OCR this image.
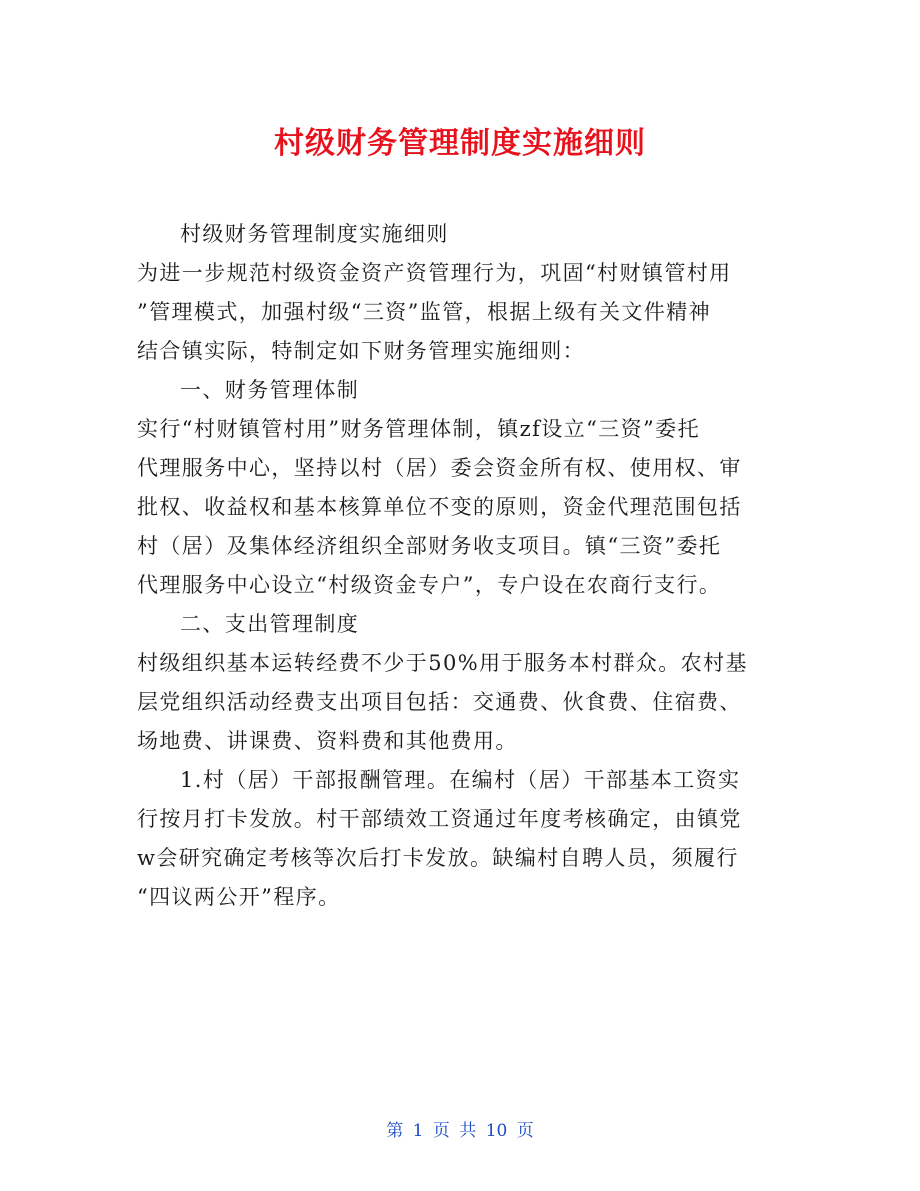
村级财务管理制度实施细则

村级财务管理制度实施细则

为进一步规范村级资金资产资管理行为，巩固“村财镇管村用

”管理模式，加强村级“三资”监管，根据上级有关文件精神

结合镇实际，特制定如下财务管理实施细则：

一、财务管理体制

实行“村财镇管村用”财务管理体制，镇zf设立“三资”委托

代理服务中心，坚持以村（居）委会资金所有权、使用权、审

批权、收益权和基本核算单位不变的原则，资金代理范围包括

村（居）及集体经济组织全部财务收支项目。镇“三资”委托

代理服务中心设立“村级资金专户”，专户设在农商行支行。

二、支出管理制度

村级组织基本运转经费不少于50%用于服务本村群众。农村基

层党组织活动经费支出项目包括：交通费、伙食费、住宿费、

场地费、讲课费、资料费和其他费用。

1.村（居）干部报酬管理。在编村（居）干部基本工资实

行按月打卡发放。村干部绩效工资通过年度考核确定，由镇党

w会研究确定考核等次后打卡发放。缺编村自聘人员，须履行

“四议两公开”程序。

第 1 页 共 10 页
